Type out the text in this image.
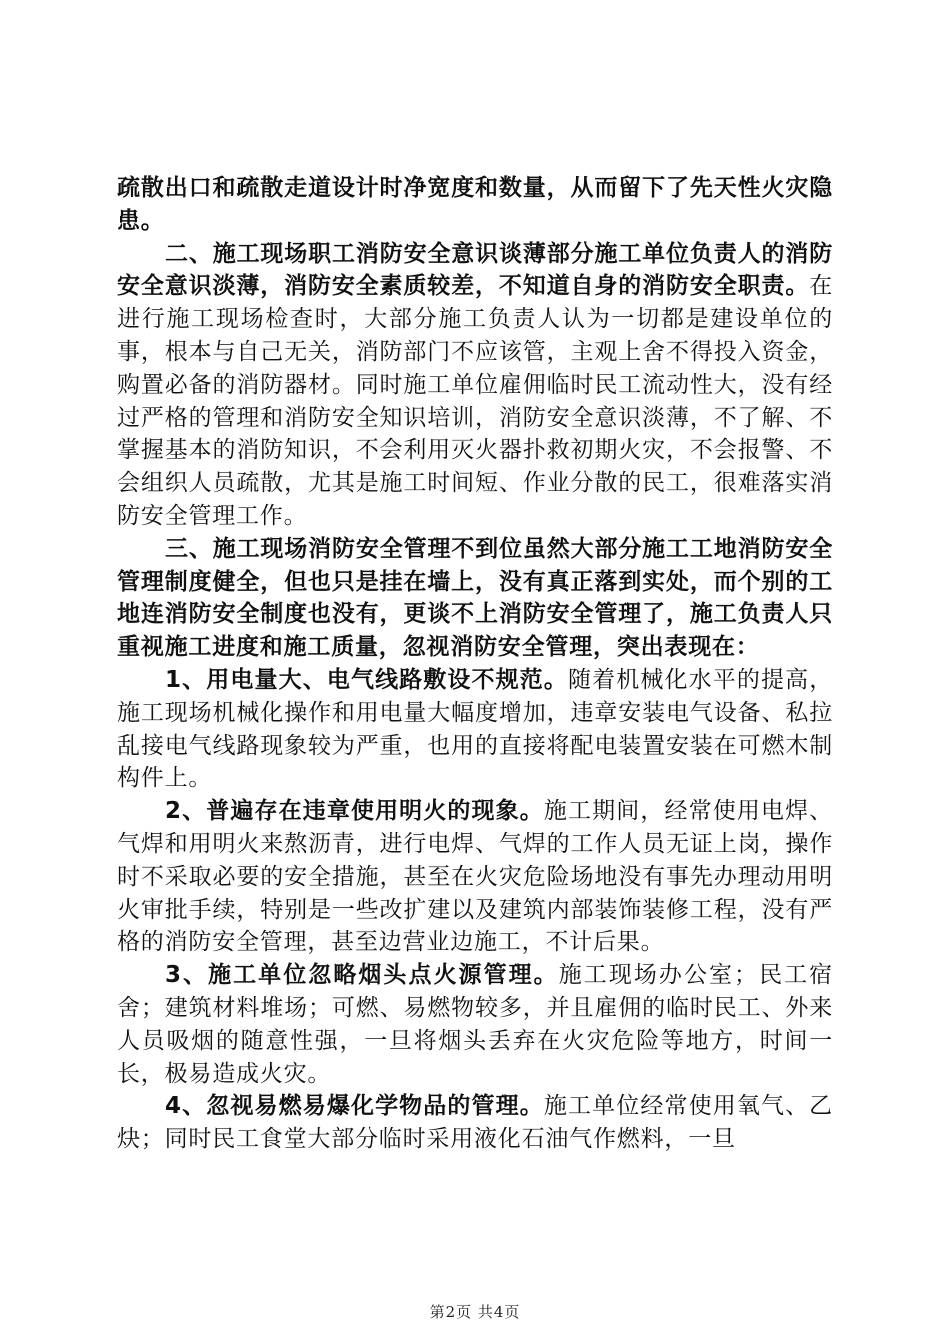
疏散出口和疏散走道设计时净宽度和数量，从而留下了先天性火灾隐患。

二、施工现场职工消防安全意识谈薄部分施工单位负责人的消防安全意识淡薄，消防安全素质较差，不知道自身的消防安全职责。在进行施工现场检查时，大部分施工负责人认为一切都是建设单位的事，根本与自己无关，消防部门不应该管，主观上舍不得投入资金，购置必备的消防器材。同时施工单位雇佣临时民工流动性大，没有经过严格的管理和消防安全知识培训，消防安全意识淡薄，不了解、不掌握基本的消防知识，不会利用灭火器扑救初期火灾，不会报警、不会组织人员疏散，尤其是施工时间短、作业分散的民工，很难落实消防安全管理工作。

三、施工现场消防安全管理不到位虽然大部分施工工地消防安全管理制度健全，但也只是挂在墙上，没有真正落到实处，而个别的工地连消防安全制度也没有，更谈不上消防安全管理了，施工负责人只重视施工进度和施工质量，忽视消防安全管理，突出表现在：

1、用电量大、电气线路敷设不规范。随着机械化水平的提高，施工现场机械化操作和用电量大幅度增加，违章安装电气设备、私拉乱接电气线路现象较为严重，也用的直接将配电装置安装在可燃木制构件上。

2、普遍存在违章使用明火的现象。施工期间，经常使用电焊、气焊和用明火来熬沥青，进行电焊、气焊的工作人员无证上岗，操作时不采取必要的安全措施，甚至在火灾危险场地没有事先办理动用明火审批手续，特别是一些改扩建以及建筑内部装饰装修工程，没有严格的消防安全管理，甚至边营业边施工，不计后果。

3、施工单位忽略烟头点火源管理。施工现场办公室；民工宿舍；建筑材料堆场；可燃、易燃物较多，并且雇佣的临时民工、外来人员吸烟的随意性强，一旦将烟头丢弃在火灾危险等地方，时间一长，极易造成火灾。

4、忽视易燃易爆化学物品的管理。施工单位经常使用氧气、乙炔；同时民工食堂大部分临时采用液化石油气作燃料，一旦

第2页 共4页
